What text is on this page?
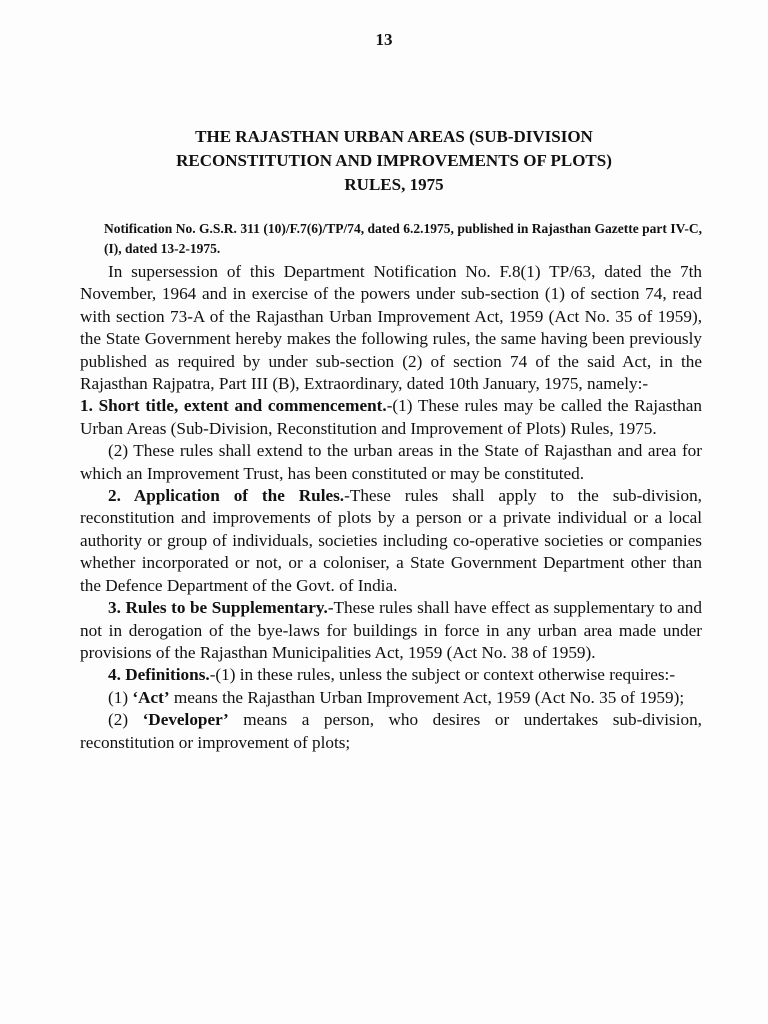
13
THE RAJASTHAN URBAN AREAS (SUB-DIVISION
RECONSTITUTION AND IMPROVEMENTS OF PLOTS)
RULES, 1975
Notification No. G.S.R. 311 (10)/F.7(6)/TP/74, dated 6.2.1975, published in Rajasthan Gazette part IV-C, (I), dated 13-2-1975.

In supersession of this Department Notification No. F.8(1) TP/63, dated the 7th November, 1964 and in exercise of the powers under sub-section (1) of section 74, read with section 73-A of the Rajasthan Urban Improvement Act, 1959 (Act No. 35 of 1959), the State Government hereby makes the following rules, the same having been previously published as required by under sub-section (2) of section 74 of the said Act, in the Rajasthan Rajpatra, Part III (B), Extraordinary, dated 10th January, 1975, namely:-

1. Short title, extent and commencement.-(1) These rules may be called the Rajasthan Urban Areas (Sub-Division, Reconstitution and Improvement of Plots) Rules, 1975.

(2) These rules shall extend to the urban areas in the State of Rajasthan and area for which an Improvement Trust, has been constituted or may be constituted.

2. Application of the Rules.-These rules shall apply to the sub-division, reconstitution and improvements of plots by a person or a private individual or a local authority or group of individuals, societies including co-operative societies or companies whether incorporated or not, or a coloniser, a State Government Department other than the Defence Department of the Govt. of India.

3. Rules to be Supplementary.-These rules shall have effect as supplementary to and not in derogation of the bye-laws for buildings in force in any urban area made under provisions of the Rajasthan Municipalities Act, 1959 (Act No. 38 of 1959).

4. Definitions.-(1) in these rules, unless the subject or context otherwise requires:-

(1) ‘Act’ means the Rajasthan Urban Improvement Act, 1959 (Act No. 35 of 1959);

(2) ‘Developer’ means a person, who desires or undertakes sub-division, reconstitution or improvement of plots;
